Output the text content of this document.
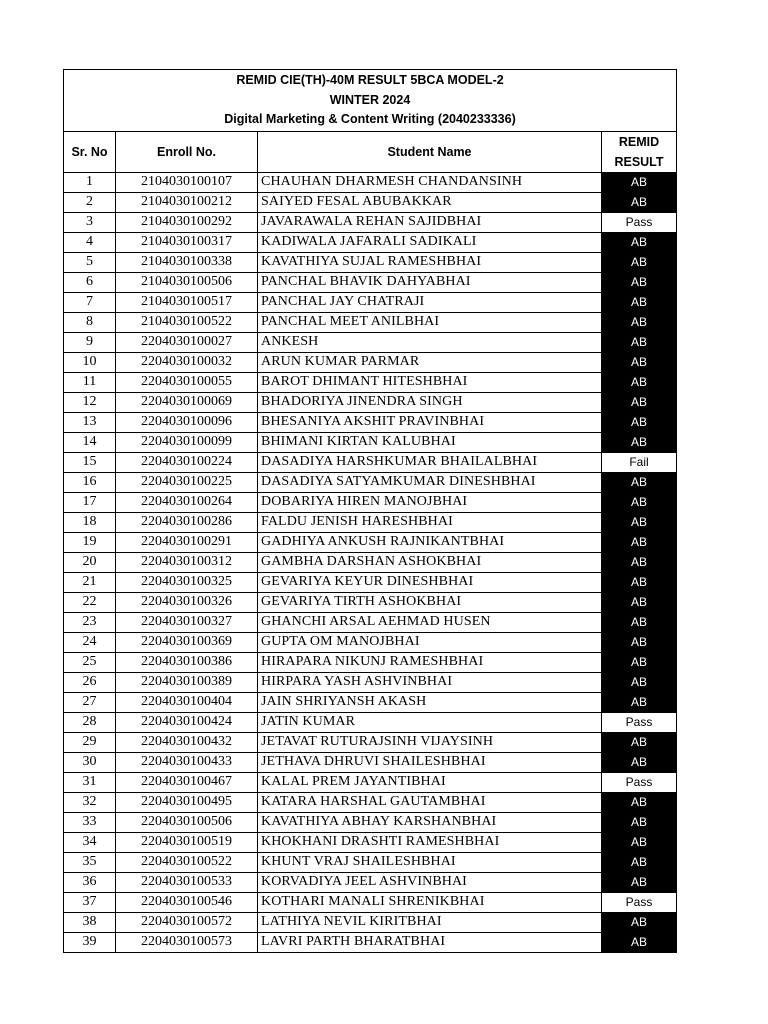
REMID CIE(TH)-40M RESULT 5BCA MODEL-2
WINTER 2024
Digital Marketing & Content Writing (2040233336)			

Sr. No	Enroll No.	Student Name	REMID
RESULT

1	2104030100107	CHAUHAN DHARMESH CHANDANSINH	AB
2	2104030100212	SAIYED FESAL ABUBAKKAR	AB
3	2104030100292	JAVARAWALA REHAN SAJIDBHAI	Pass
4	2104030100317	KADIWALA JAFARALI SADIKALI	AB
5	2104030100338	KAVATHIYA SUJAL RAMESHBHAI	AB
6	2104030100506	PANCHAL BHAVIK DAHYABHAI	AB
7	2104030100517	PANCHAL JAY CHATRAJI	AB
8	2104030100522	PANCHAL MEET ANILBHAI	AB
9	2204030100027	ANKESH	AB
10	2204030100032	ARUN KUMAR PARMAR	AB
11	2204030100055	BAROT DHIMANT HITESHBHAI	AB
12	2204030100069	BHADORIYA JINENDRA SINGH	AB
13	2204030100096	BHESANIYA AKSHIT PRAVINBHAI	AB
14	2204030100099	BHIMANI KIRTAN KALUBHAI	AB
15	2204030100224	DASADIYA HARSHKUMAR BHAILALBHAI	Fail
16	2204030100225	DASADIYA SATYAMKUMAR DINESHBHAI	AB
17	2204030100264	DOBARIYA HIREN MANOJBHAI	AB
18	2204030100286	FALDU JENISH HARESHBHAI	AB
19	2204030100291	GADHIYA ANKUSH RAJNIKANTBHAI	AB
20	2204030100312	GAMBHA DARSHAN ASHOKBHAI	AB
21	2204030100325	GEVARIYA KEYUR DINESHBHAI	AB
22	2204030100326	GEVARIYA TIRTH ASHOKBHAI	AB
23	2204030100327	GHANCHI ARSAL AEHMAD HUSEN	AB
24	2204030100369	GUPTA OM MANOJBHAI	AB
25	2204030100386	HIRAPARA NIKUNJ RAMESHBHAI	AB
26	2204030100389	HIRPARA YASH ASHVINBHAI	AB
27	2204030100404	JAIN SHRIYANSH AKASH	AB
28	2204030100424	JATIN KUMAR	Pass
29	2204030100432	JETAVAT RUTURAJSINH VIJAYSINH	AB
30	2204030100433	JETHAVA DHRUVI SHAILESHBHAI	AB
31	2204030100467	KALAL PREM JAYANTIBHAI	Pass
32	2204030100495	KATARA HARSHAL GAUTAMBHAI	AB
33	2204030100506	KAVATHIYA ABHAY KARSHANBHAI	AB
34	2204030100519	KHOKHANI DRASHTI RAMESHBHAI	AB
35	2204030100522	KHUNT VRAJ SHAILESHBHAI	AB
36	2204030100533	KORVADIYA JEEL ASHVINBHAI	AB
37	2204030100546	KOTHARI MANALI SHRENIKBHAI	Pass
38	2204030100572	LATHIYA NEVIL KIRITBHAI	AB
39	2204030100573	LAVRI PARTH BHARATBHAI	AB
